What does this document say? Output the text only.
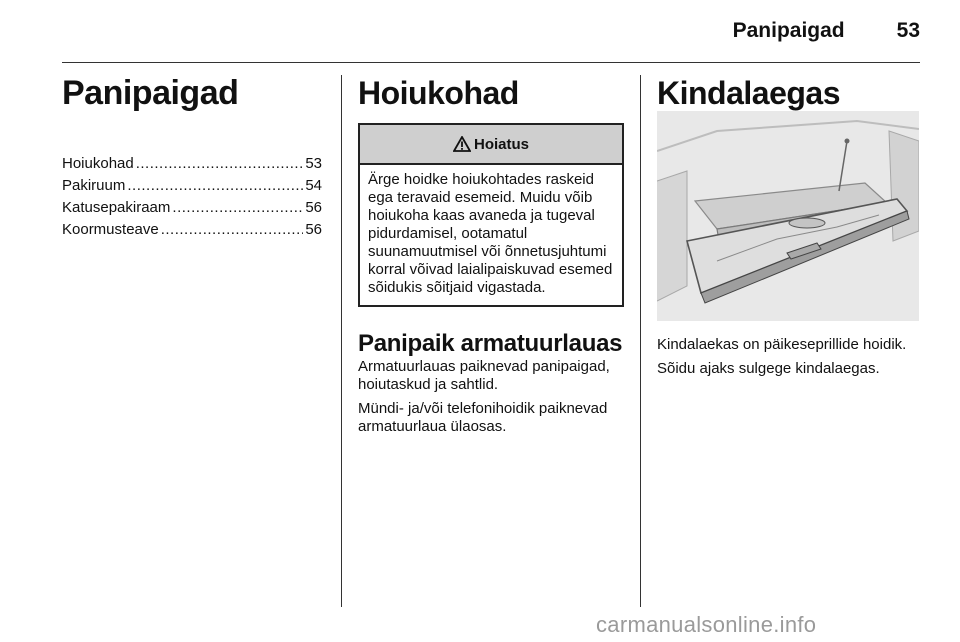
Panipaigad 53
Panipaigad
Hoiukohad .....	53
Pakiruum .....	54
Katusepakiraam .....	56
Koormusteave .....	56
Hoiukohad
Hoiatus
Ärge hoidke hoiukohtades raskeid ega teravaid esemeid. Muidu võib hoiukoha kaas avaneda ja tugeval pidurdamisel, ootamatul suunamuutmisel või õnnetusjuhtumi korral võivad laialipaiskuvad esemed sõidukis sõitjaid vigastada.
Panipaik armatuurlauas

Armatuurlauas paiknevad panipaigad, hoiutaskud ja sahtlid.

Mündi- ja/või telefonihoidik paiknevad armatuurlaua ülaosas.

Kindalaegas

Kindalaekas on päikeseprillide hoidik.

Sõidu ajaks sulgege kindalaegas.

carmanualsonline.info
